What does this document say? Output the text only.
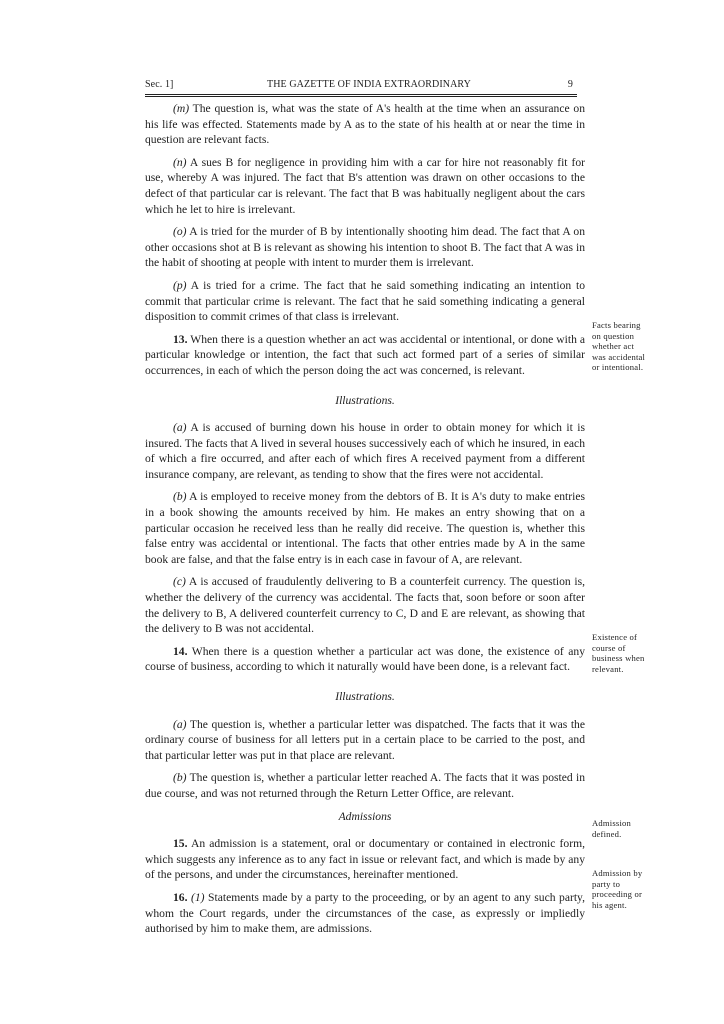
Sec. 1]	THE GAZETTE OF INDIA EXTRAORDINARY	9

(m) The question is, what was the state of A's health at the time when an assurance on his life was effected. Statements made by A as to the state of his health at or near the time in question are relevant facts.

(n) A sues B for negligence in providing him with a car for hire not reasonably fit for use, whereby A was injured. The fact that B's attention was drawn on other occasions to the defect of that particular car is relevant. The fact that B was habitually negligent about the cars which he let to hire is irrelevant.

(o) A is tried for the murder of B by intentionally shooting him dead. The fact that A on other occasions shot at B is relevant as showing his intention to shoot B. The fact that A was in the habit of shooting at people with intent to murder them is irrelevant.

(p) A is tried for a crime. The fact that he said something indicating an intention to commit that particular crime is relevant. The fact that he said something indicating a general disposition to commit crimes of that class is irrelevant.

13. When there is a question whether an act was accidental or intentional, or done with a particular knowledge or intention, the fact that such act formed part of a series of similar occurrences, in each of which the person doing the act was concerned, is relevant.

Illustrations.

(a) A is accused of burning down his house in order to obtain money for which it is insured. The facts that A lived in several houses successively each of which he insured, in each of which a fire occurred, and after each of which fires A received payment from a different insurance company, are relevant, as tending to show that the fires were not accidental.

(b) A is employed to receive money from the debtors of B. It is A's duty to make entries in a book showing the amounts received by him. He makes an entry showing that on a particular occasion he received less than he really did receive. The question is, whether this false entry was accidental or intentional. The facts that other entries made by A in the same book are false, and that the false entry is in each case in favour of A, are relevant.

(c) A is accused of fraudulently delivering to B a counterfeit currency. The question is, whether the delivery of the currency was accidental. The facts that, soon before or soon after the delivery to B, A delivered counterfeit currency to C, D and E are relevant, as showing that the delivery to B was not accidental.

14. When there is a question whether a particular act was done, the existence of any course of business, according to which it naturally would have been done, is a relevant fact.

Illustrations.

(a) The question is, whether a particular letter was dispatched. The facts that it was the ordinary course of business for all letters put in a certain place to be carried to the post, and that particular letter was put in that place are relevant.

(b) The question is, whether a particular letter reached A. The facts that it was posted in due course, and was not returned through the Return Letter Office, are relevant.

Admissions

15. An admission is a statement, oral or documentary or contained in electronic form, which suggests any inference as to any fact in issue or relevant fact, and which is made by any of the persons, and under the circumstances, hereinafter mentioned.

16. (1) Statements made by a party to the proceeding, or by an agent to any such party, whom the Court regards, under the circumstances of the case, as expressly or impliedly authorised by him to make them, are admissions.

Facts bearing
on question
whether act
was accidental
or intentional.
Existence of
course of
business when
relevant.
Admission
defined.
Admission by
party to
proceeding or
his agent.
